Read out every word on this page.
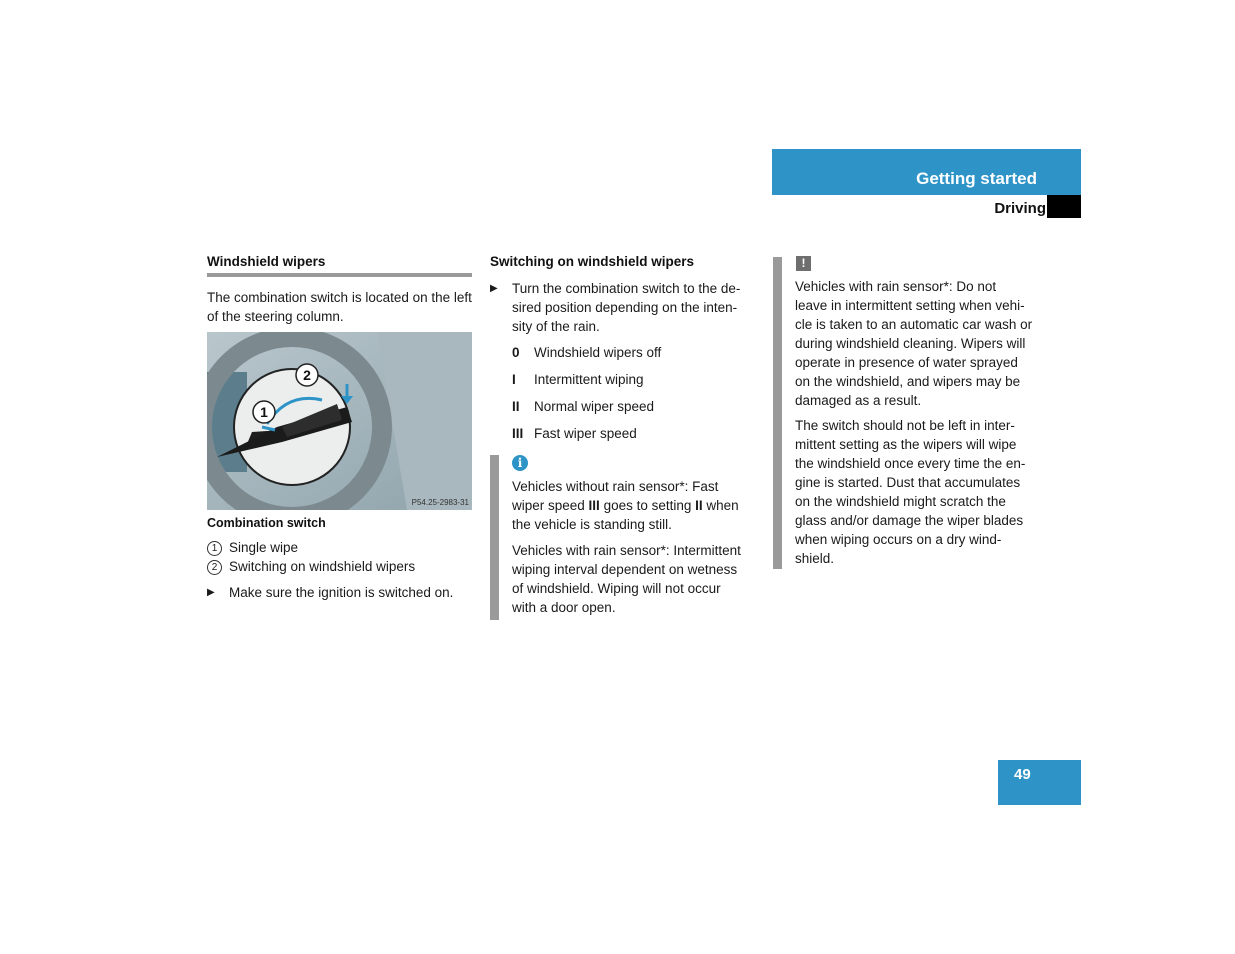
Getting started
Driving
Windshield wipers
The combination switch is located on the left of the steering column.
1
2
P54.25-2983-31
Combination switch
1 Single wipe
2 Switching on windshield wipers
▶	Make sure the ignition is switched on.
Switching on windshield wipers
▶	Turn the combination switch to the de-
sired position depending on the inten-
sity of the rain.
0	Windshield wipers off
I	Intermittent wiping
II	Normal wiper speed
III Fast wiper speed
i
Vehicles without rain sensor*: Fast
wiper speed III goes to setting II when
the vehicle is standing still.
Vehicles with rain sensor*: Intermittent
wiping interval dependent on wetness
of windshield. Wiping will not occur
with a door open.
!
Vehicles with rain sensor*: Do not
leave in intermittent setting when vehi-
cle is taken to an automatic car wash or
during windshield cleaning. Wipers will
operate in presence of water sprayed
on the windshield, and wipers may be
damaged as a result.
The switch should not be left in inter-
mittent setting as the wipers will wipe
the windshield once every time the en-
gine is started. Dust that accumulates
on the windshield might scratch the
glass and/or damage the wiper blades
when wiping occurs on a dry wind-
shield.
49
